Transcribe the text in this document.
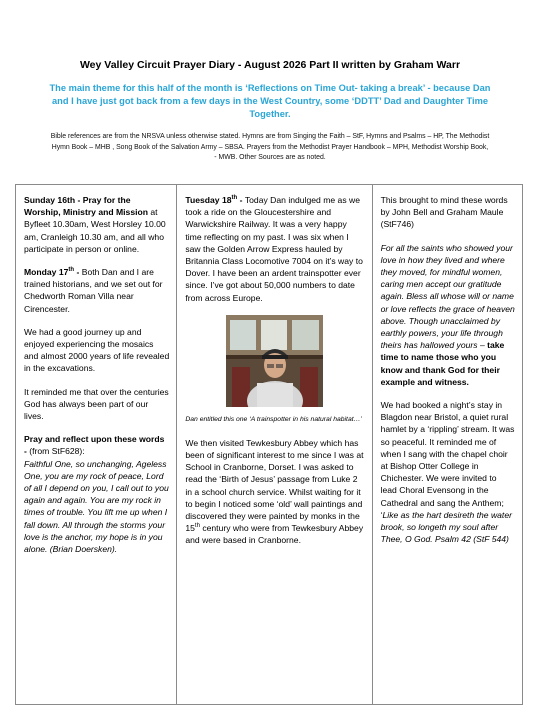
Wey Valley Circuit Prayer Diary - August 2026 Part II written by Graham Warr
The main theme for this half of the month is ‘Reflections on Time Out- taking a break’ - because Dan and I have just got back from a few days in the West Country, some ‘DDTT’ Dad and Daughter Time Together.
Bible references are from the NRSVA unless otherwise stated. Hymns are from Singing the Faith – StF, Hymns and Psalms – HP, The Methodist Hymn Book – MHB , Song Book of the Salvation Army – SBSA. Prayers from the Methodist Prayer Handbook – MPH, Methodist Worship Book, - MWB. Other Sources are as noted.

Sunday 16th - Pray for the Worship, Ministry and Mission at Byfleet 10.30am, West Horsley 10.00 am, Cranleigh 10.30 am, and all who participate in person or online.

Monday 17th - Both Dan and I are trained historians, and we set out for Chedworth Roman Villa near Cirencester.

We had a good journey up and enjoyed experiencing the mosaics and almost 2000 years of life revealed in the excavations.

It reminded me that over the centuries God has always been part of our lives.

Pray and reflect upon these words - (from StF628):

Faithful One, so unchanging, Ageless One, you are my rock of peace, Lord of all I depend on you, I call out to you again and again. You are my rock in times of trouble. You lift me up when I fall down. All through the storms your love is the anchor, my hope is in you alone. (Brian Doersken).

Tuesday 18th - Today Dan indulged me as we took a ride on the Gloucestershire and Warwickshire Railway. It was a very happy time reflecting on my past. I was six when I saw the Golden Arrow Express hauled by Britannia Class Locomotive 7004 on it’s way to Dover. I have been an ardent trainspotter ever since. I’ve got about 50,000 numbers to date from across Europe.

Dan entitled this one ‘A trainspotter in his natural habitat…’

We then visited Tewkesbury Abbey which has been of significant interest to me since I was at School in Cranborne, Dorset. I was asked to read the ‘Birth of Jesus’ passage from Luke 2 in a school church service. Whilst waiting for it to begin I noticed some ‘old’ wall paintings and discovered they were painted by monks in the 15th century who were from Tewkesbury Abbey and were based in Cranborne.

This brought to mind these words by John Bell and Graham Maule (StF746)

For all the saints who showed your love in how they lived and where they moved, for mindful women, caring men accept our gratitude again. Bless all whose will or name or love reflects the grace of heaven above. Though unacclaimed by earthly powers, your life through theirs has hallowed yours – take time to name those who you know and thank God for their example and witness.

We had booked a night’s stay in Blagdon near Bristol, a quiet rural hamlet by a ‘rippling’ stream. It was so peaceful. It reminded me of when I sang with the chapel choir at Bishop Otter College in Chichester. We were invited to lead Choral Evensong in the Cathedral and sang the Anthem; ‘Like as the hart desireth the water brook, so longeth my soul after Thee, O God. Psalm 42 (StF 544)
